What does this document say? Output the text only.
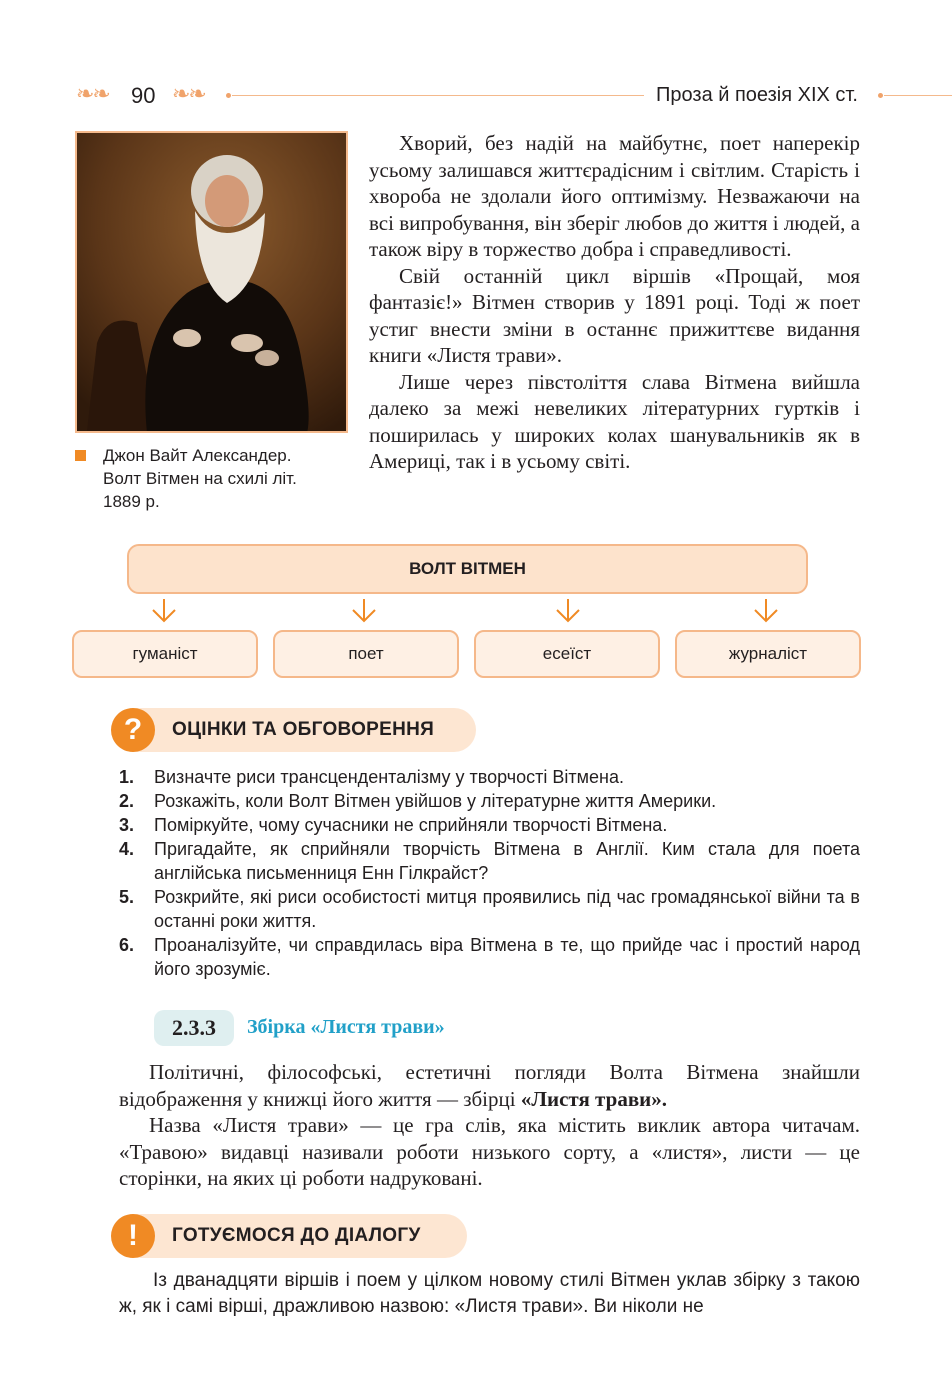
❧❧ 90 ❧❧	Проза й поезія XIX ст.
Джон Вайт Александер.
Волт Вітмен на схилі літ.
1889 р.

Хворий, без надій на майбутнє, поет наперекір усьому залишався життєрадісним і світлим. Старість і хвороба не здолали його оптимізму. Незважаючи на всі випробування, він зберіг любов до життя і людей, а також віру в торжество добра і справедливості.

Свій останній цикл віршів «Прощай, моя фантазіє!» Вітмен створив у 1891 році. Тоді ж поет устиг внести зміни в останнє прижиттєве видання книги «Листя трави».

Лише через півстоліття слава Вітмена вийшла далеко за межі невеликих літературних гуртків і поширилась у широких колах шанувальників як в Америці, так і в усьому світі.

ВОЛТ ВІТМЕН
гуманіст	поет	есеїст	журналіст
?	ОЦІНКИ ТА ОБГОВОРЕННЯ
1. Визначте риси трансценденталізму у творчості Вітмена.
2. Розкажіть, коли Волт Вітмен увійшов у літературне життя Америки.
3. Поміркуйте, чому сучасники не сприйняли творчості Вітмена.
4. Пригадайте, як сприйняли творчість Вітмена в Англії. Ким стала для поета англійська письменниця Енн Гілкрайст?
5. Розкрийте, які риси особистості митця проявились під час громадянської війни та в останні роки життя.
6. Проаналізуйте, чи справдилась віра Вітмена в те, що прийде час і простий народ його зрозуміє.
2.3.3	Збірка «Листя трави»

Політичні, філософські, естетичні погляди Волта Вітмена знайшли відображення у книжці його життя — збірці «Листя трави».

Назва «Листя трави» — це гра слів, яка містить виклик автора читачам. «Травою» видавці називали роботи низького сорту, а «листя», листи — це сторінки, на яких ці роботи надруковані.

!	ГОТУЄМОСЯ ДО ДІАЛОГУ

Із дванадцяти віршів і поем у цілком новому стилі Вітмен уклав збірку з такою ж, як і самі вірші, дражливою назвою: «Листя трави». Ви ніколи не
